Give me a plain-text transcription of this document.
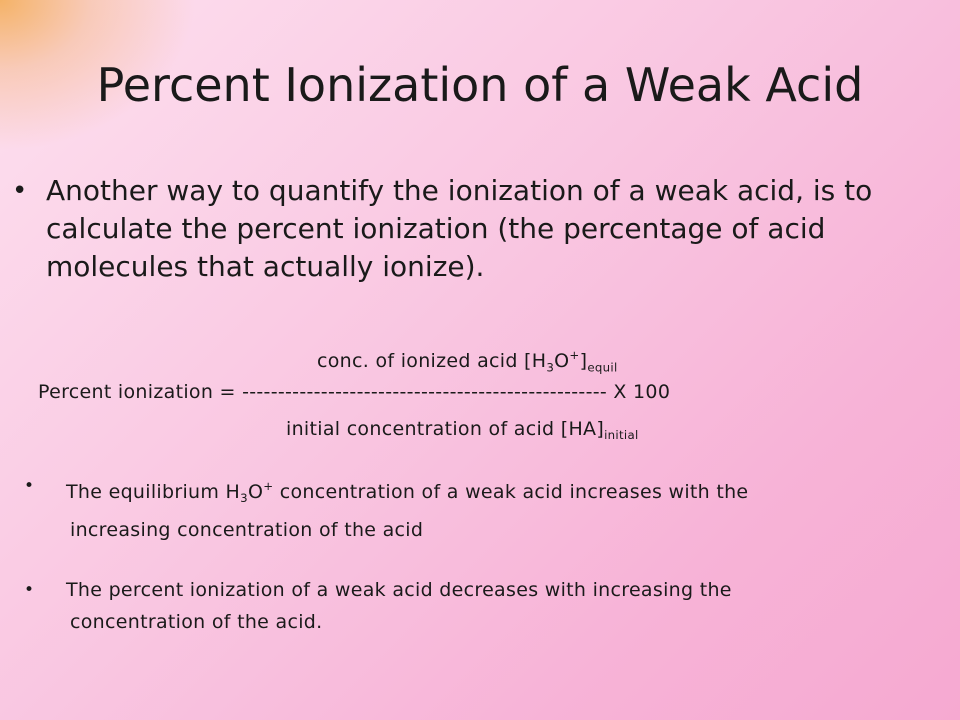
Percent Ionization of a Weak Acid
• Another way to quantify the ionization of a weak acid, is to calculate the percent ionization (the percentage of acid molecules that actually ionize).
conc. of ionized acid $[H_3O^+]_{equil}$
Percent ionization = --------------------------------------------------- X 100
initial concentration of acid $[HA]_{initial}$
• The equilibrium $H_3O^+$ concentration of a weak acid increases with the
increasing concentration of the acid
• The percent ionization of a weak acid decreases with increasing the
concentration of the acid.
